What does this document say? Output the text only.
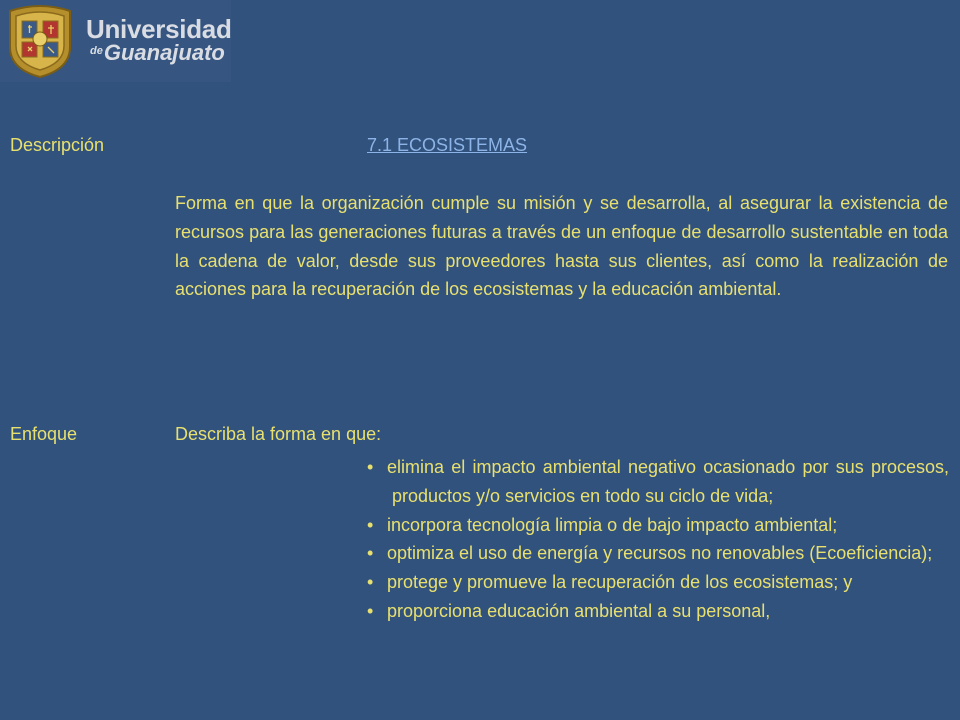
Universidad
$^{de}$Guanajuato
Descripción	7.1 ECOSISTEMAS
Forma en que la organización cumple su misión y se desarrolla, al asegurar la existencia de recursos para las generaciones futuras a través de un enfoque de desarrollo sustentable en toda la cadena de valor, desde sus proveedores hasta sus clientes, así como la realización de acciones para la recuperación de los ecosistemas y la educación ambiental.
Enfoque	Describa la forma en que:
• elimina el impacto ambiental negativo ocasionado por sus procesos, productos y/o servicios en todo su ciclo de vida;
• incorpora tecnología limpia o de bajo impacto ambiental;
• optimiza el uso de energía y recursos no renovables (Ecoeficiencia);
• protege y promueve la recuperación de los ecosistemas; y
• proporciona educación ambiental a su personal,
